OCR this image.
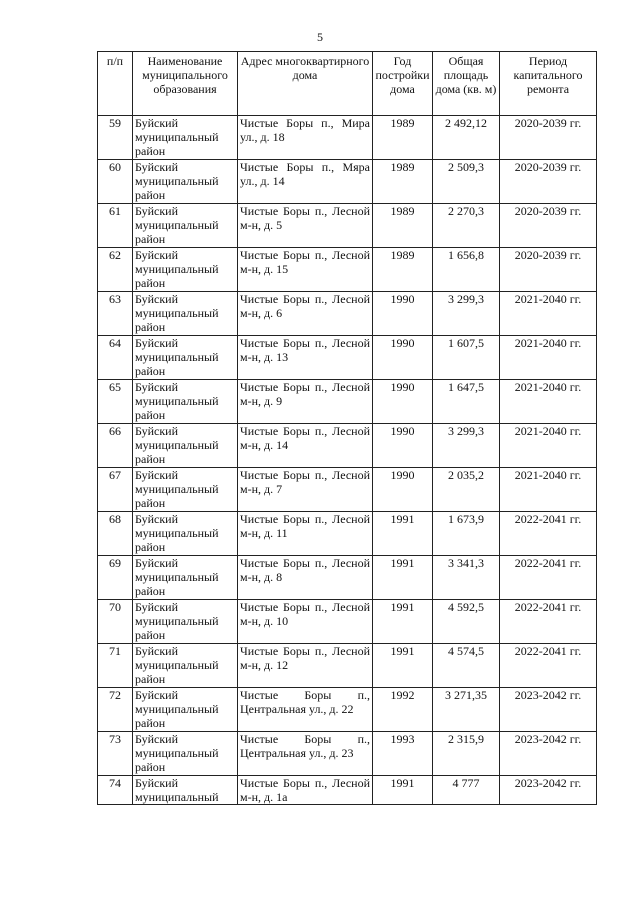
5
п/п	Наименование муниципального образования	Адрес многоквартирного дома	Год постройки дома	Общая площадь дома (кв. м)	Период капитального ремонта
59	Буйский муниципальный район	Чистые Боры п., Мира ул., д. 18	1989	2 492,12	2020-2039 гг.
60	Буйский муниципальный район	Чистые Боры п., Мяра ул., д. 14	1989	2 509,3	2020-2039 гг.
61	Буйский муниципальный район	Чистые Боры п., Лесной м-н, д. 5	1989	2 270,3	2020-2039 гг.
62	Буйский муниципальный район	Чистые Боры п., Лесной м-н, д. 15	1989	1 656,8	2020-2039 гг.
63	Буйский муниципальный район	Чистые Боры п., Лесной м-н, д. 6	1990	3 299,3	2021-2040 гг.
64	Буйский муниципальный район	Чистые Боры п., Лесной м-н, д. 13	1990	1 607,5	2021-2040 гг.
65	Буйский муниципальный район	Чистые Боры п., Лесной м-н, д. 9	1990	1 647,5	2021-2040 гг.
66	Буйский муниципальный район	Чистые Боры п., Лесной м-н, д. 14	1990	3 299,3	2021-2040 гг.
67	Буйский муниципальный район	Чистые Боры п., Лесной м-н, д. 7	1990	2 035,2	2021-2040 гг.
68	Буйский муниципальный район	Чистые Боры п., Лесной м-н, д. 11	1991	1 673,9	2022-2041 гг.
69	Буйский муниципальный район	Чистые Боры п., Лесной м-н, д. 8	1991	3 341,3	2022-2041 гг.
70	Буйский муниципальный район	Чистые Боры п., Лесной м-н, д. 10	1991	4 592,5	2022-2041 гг.
71	Буйский муниципальный район	Чистые Боры п., Лесной м-н, д. 12	1991	4 574,5	2022-2041 гг.
72	Буйский муниципальный район	Чистые Боры п., Центральная ул., д. 22	1992	3 271,35	2023-2042 гг.
73	Буйский муниципальный район	Чистые Боры п., Центральная ул., д. 23	1993	2 315,9	2023-2042 гг.
74	Буйский муниципальный	Чистые Боры п., Лесной м-н, д. 1а	1991	4 777	2023-2042 гг.
